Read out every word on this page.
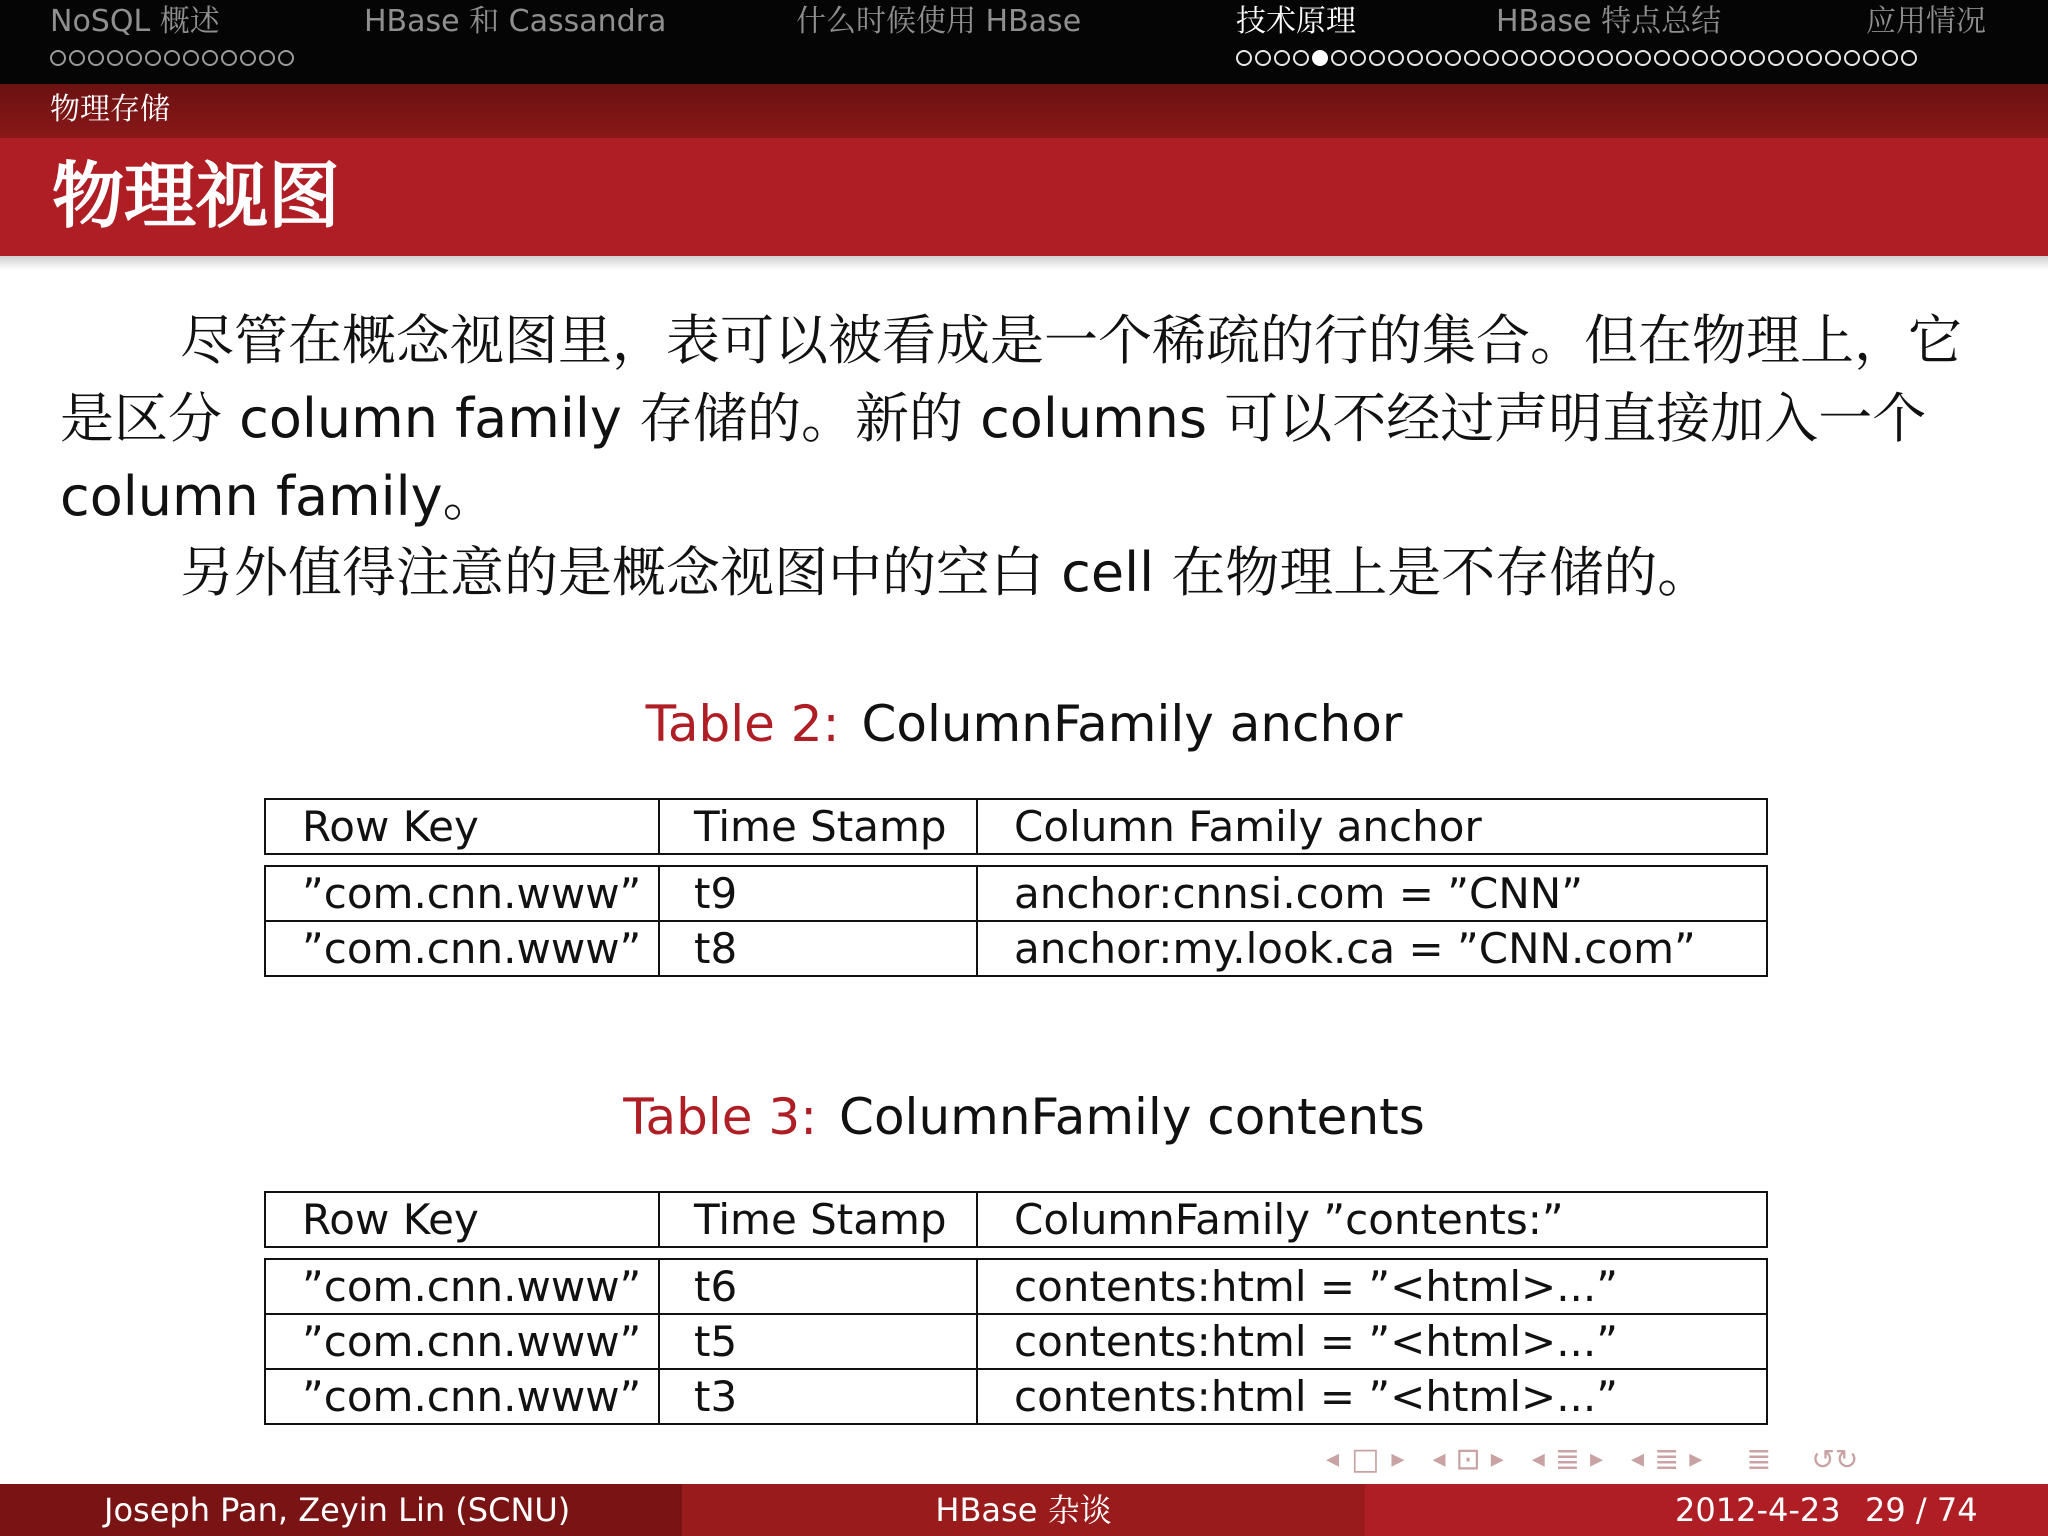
NoSQL 概述	HBase 和 Cassandra	什么时候使用 HBase	技术原理	HBase 特点总结	应用情况
物理存储
物理视图
尽管在概念视图里，表可以被看成是一个稀疏的行的集合。但在物理上，它是区分 column family 存储的。新的 columns 可以不经过声明直接加入一个 column family。
另外值得注意的是概念视图中的空白 cell 在物理上是不存储的。
Table 2: ColumnFamily anchor
Row Key	Time Stamp	Column Family anchor

”com.cnn.www”	t9	anchor:cnnsi.com = ”CNN”
”com.cnn.www”	t8	anchor:my.look.ca = ”CNN.com”
Table 3: ColumnFamily contents
Row Key	Time Stamp	ColumnFamily ”contents:”

”com.cnn.www”	t6	contents:html = ”<html>...”
”com.cnn.www”	t5	contents:html = ”<html>...”
”com.cnn.www”	t3	contents:html = ”<html>...”
◂ □ ▸ ◂ ⊡ ▸ ◂ ≣ ▸ ◂ ≣ ▸ ≣ ↺↻
Joseph Pan, Zeyin Lin (SCNU)	HBase 杂谈	2012-4-23 29 / 74
